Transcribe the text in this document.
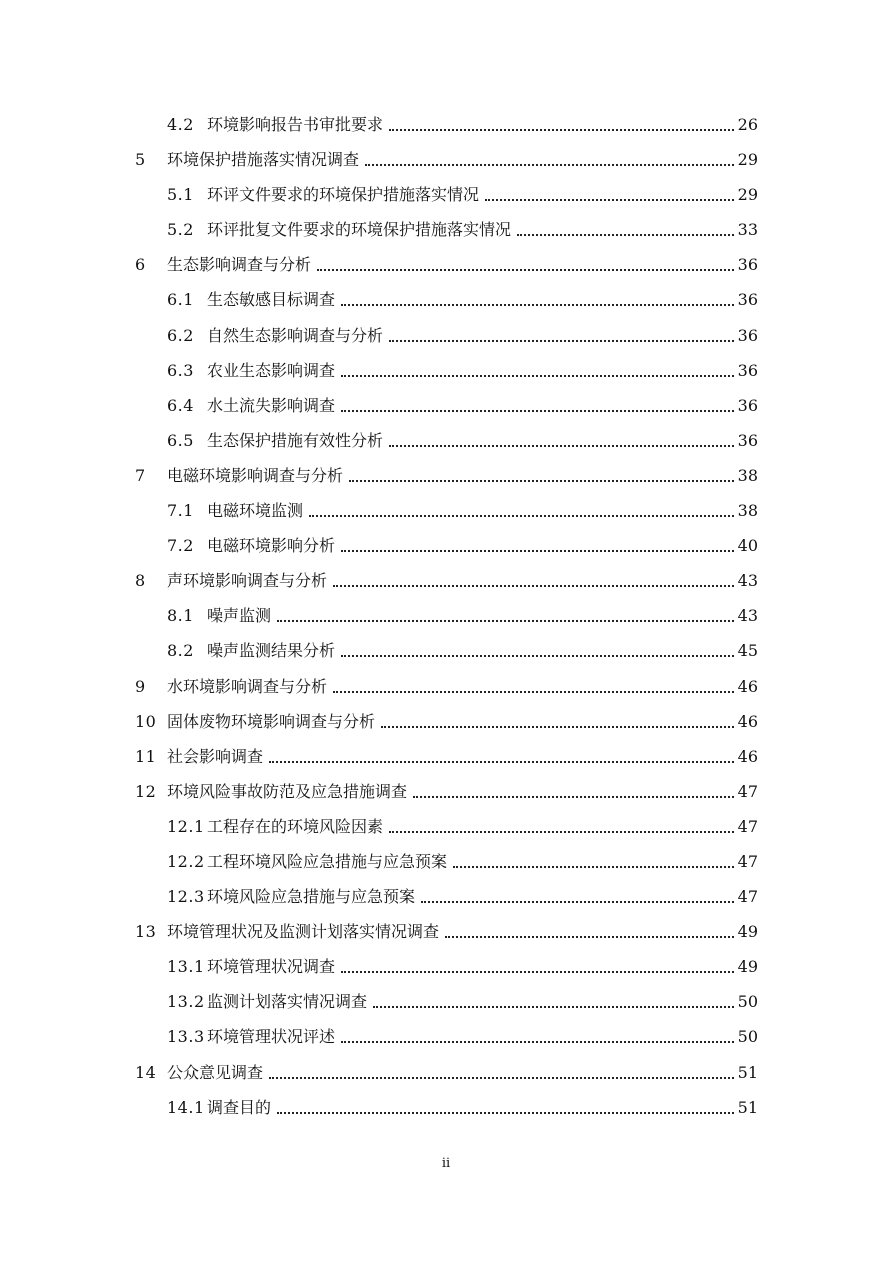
4.2 环境影响报告书审批要求	26
5 环境保护措施落实情况调查	29
5.1 环评文件要求的环境保护措施落实情况	29
5.2 环评批复文件要求的环境保护措施落实情况	33
6 生态影响调查与分析	36
6.1 生态敏感目标调查	36
6.2 自然生态影响调查与分析	36
6.3 农业生态影响调查	36
6.4 水土流失影响调查	36
6.5 生态保护措施有效性分析	36
7 电磁环境影响调查与分析	38
7.1 电磁环境监测	38
7.2 电磁环境影响分析	40
8 声环境影响调查与分析	43
8.1 噪声监测	43
8.2 噪声监测结果分析	45
9 水环境影响调查与分析	46
10 固体废物环境影响调查与分析	46
11 社会影响调查	46
12 环境风险事故防范及应急措施调查	47
12.1 工程存在的环境风险因素	47
12.2 工程环境风险应急措施与应急预案	47
12.3 环境风险应急措施与应急预案	47
13 环境管理状况及监测计划落实情况调查	49
13.1 环境管理状况调查	49
13.2 监测计划落实情况调查	50
13.3 环境管理状况评述	50
14 公众意见调查	51
14.1 调查目的	51
ii
